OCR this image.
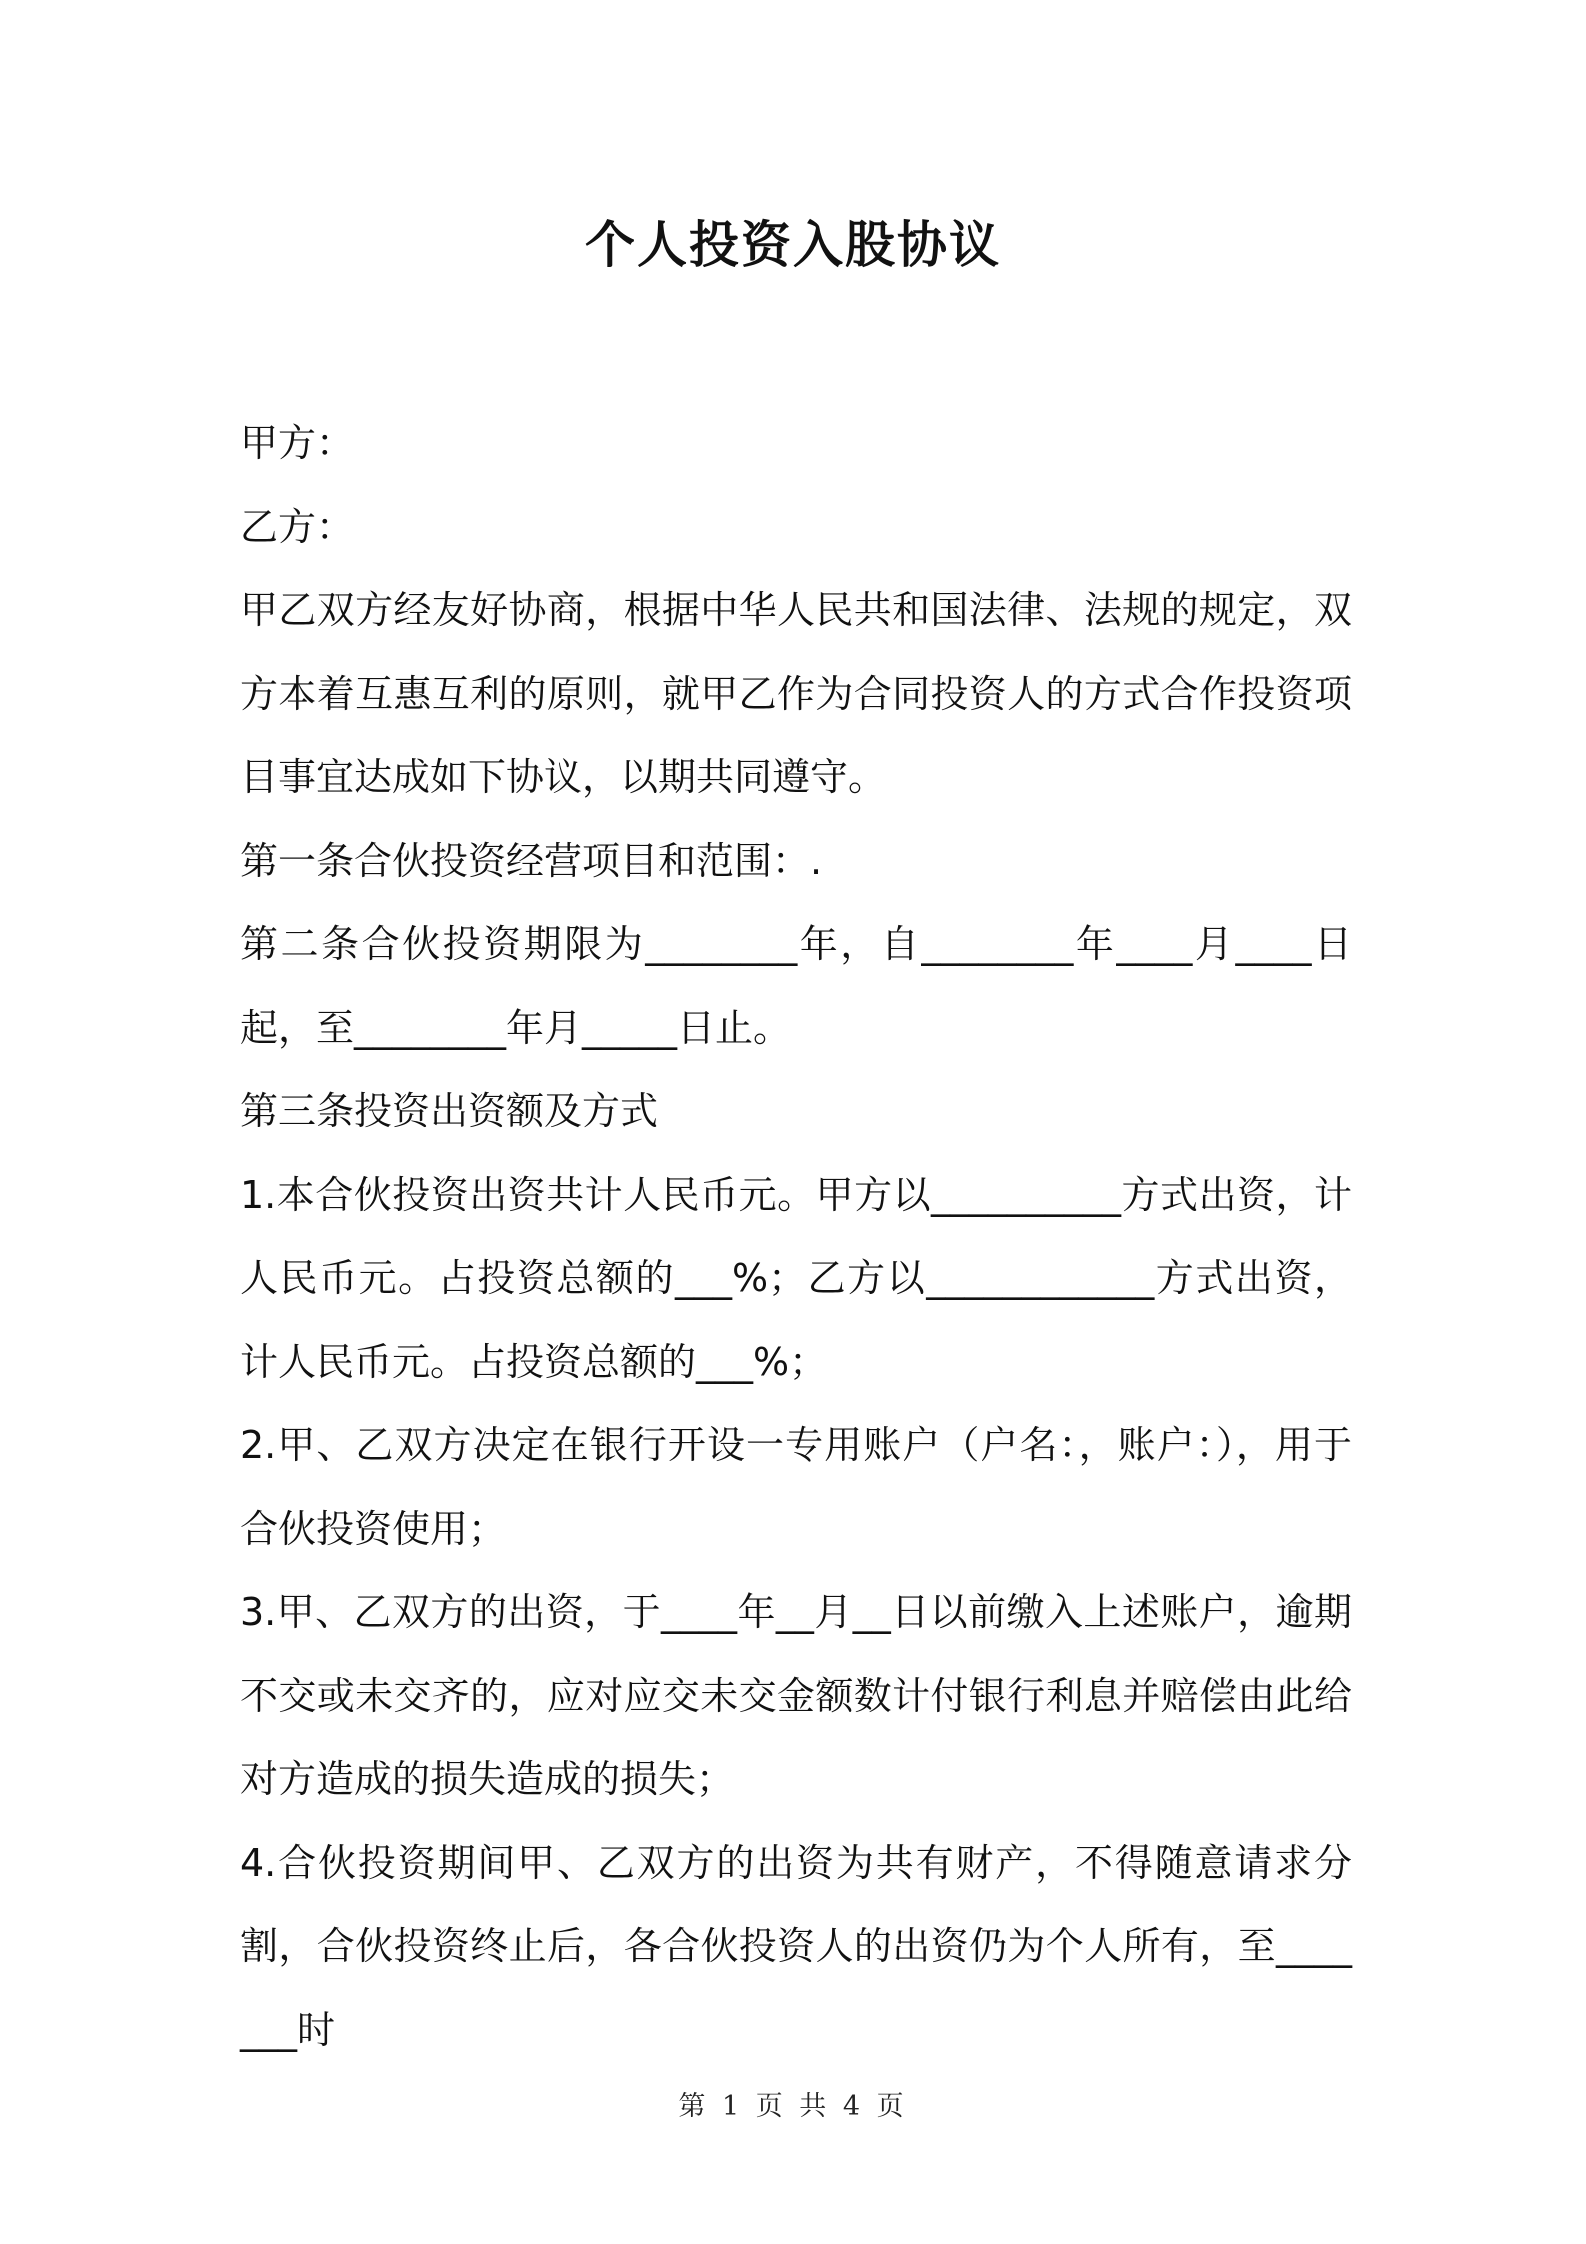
个人投资入股协议

甲方：

乙方：

甲乙双方经友好协商，根据中华人民共和国法律、法规的规定，双方本着互惠互利的原则，就甲乙作为合同投资人的方式合作投资项目事宜达成如下协议，以期共同遵守。

第一条合伙投资经营项目和范围：.

第二条合伙投资期限为________年，自________年____月____日起，至________年月_____日止。

第三条投资出资额及方式

1.本合伙投资出资共计人民币元。甲方以__________方式出资，计人民币元。占投资总额的___%；乙方以____________方式出资，计人民币元。占投资总额的___%；

2.甲、乙双方决定在银行开设一专用账户（户名：，账户：），用于合伙投资使用；

3.甲、乙双方的出资，于____年__月__日以前缴入上述账户，逾期不交或未交齐的，应对应交未交金额数计付银行利息并赔偿由此给对方造成的损失造成的损失；

4.合伙投资期间甲、乙双方的出资为共有财产，不得随意请求分割，合伙投资终止后，各合伙投资人的出资仍为个人所有，至_______时

第 1 页 共 4 页
